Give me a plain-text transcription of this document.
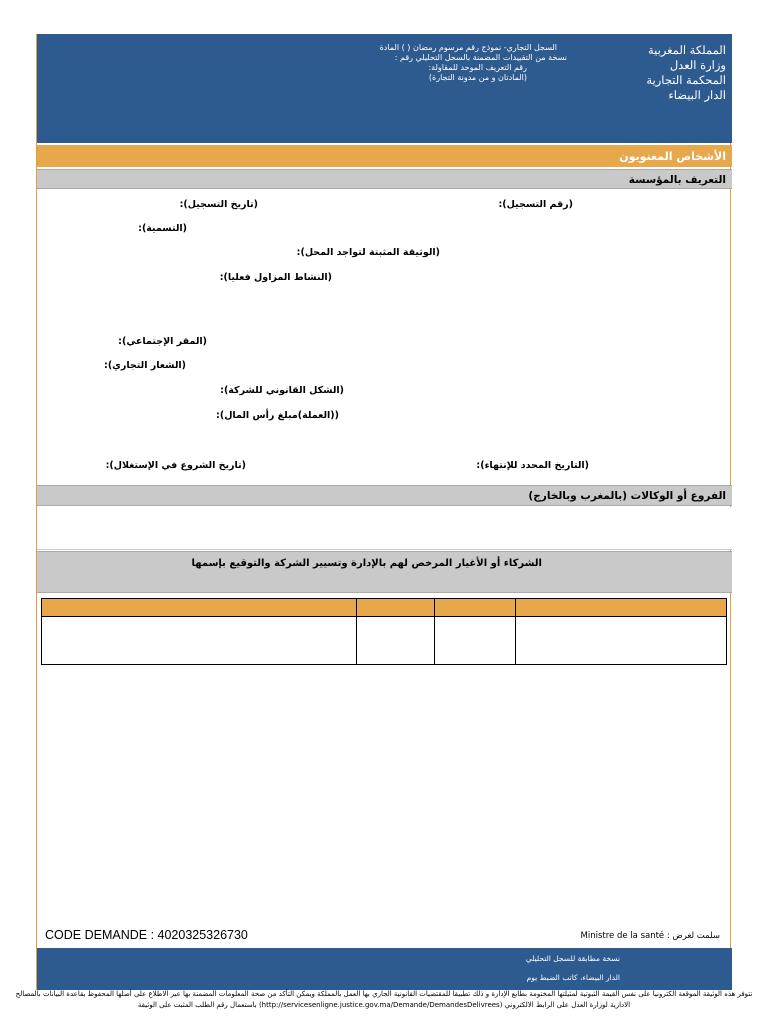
المملكة المغربية
وزارة العدل
المحكمة التجارية
الدار البيضاء
السجل التجاري- نموذج رقم مرسوم رمضان ( ) المادة
نسخة من التقييدات المضمنة بالسجل التحليلي رقم :
رقم التعريف الموحد للمقاولة:
(المادتان و من مدونة التجارة)
الأشخاص المعنويون
التعريف بالمؤسسة
(رقم التسجيل):
(تاريخ التسجيل):
(التسمية):
(الوثيقة المثبتة لتواجد المحل):
(النشاط المزاول فعليا):
(المقر الإجتماعي):
(الشعار التجاري):
(الشكل القانوني للشركة):
((العملة)مبلغ رأس المال):
(التاريخ المحدد للإنتهاء):
(تاريخ الشروع في الإستغلال):
الفروع أو الوكالات (بالمغرب وبالخارج)
الشركاء أو الأغيار المرخص لهم بالإدارة وتسيير الشركة والتوقيع بإسمها

CODE DEMANDE : 4020325326730	سلمت لغرض : Ministre de la santé
نسخة مطابقة للسجل التحليلي
الدار البيضاء، كاتب الضبط يوم
تتوفر هذه الوثيقة الموقعة الكترونيا على نفس القيمة الثبوتية لمثيلتها المختومة بطابع الإدارة و ذلك تطبيقا للمقتضيات القانونية الجاري بها العمل بالمملكة ويمكن التأكد من صحة المعلومات المضمنة بها عبر الاطلاع على أصلها المحفوظ بقاعدة البيانات بالمصالح
الادارية لوزارة العدل على الرابط الالكتروني (http://servicesenligne.justice.gov.ma/Demande/DemandesDelivrees) باستعمال رقم الطلب المثبت على الوثيقة
